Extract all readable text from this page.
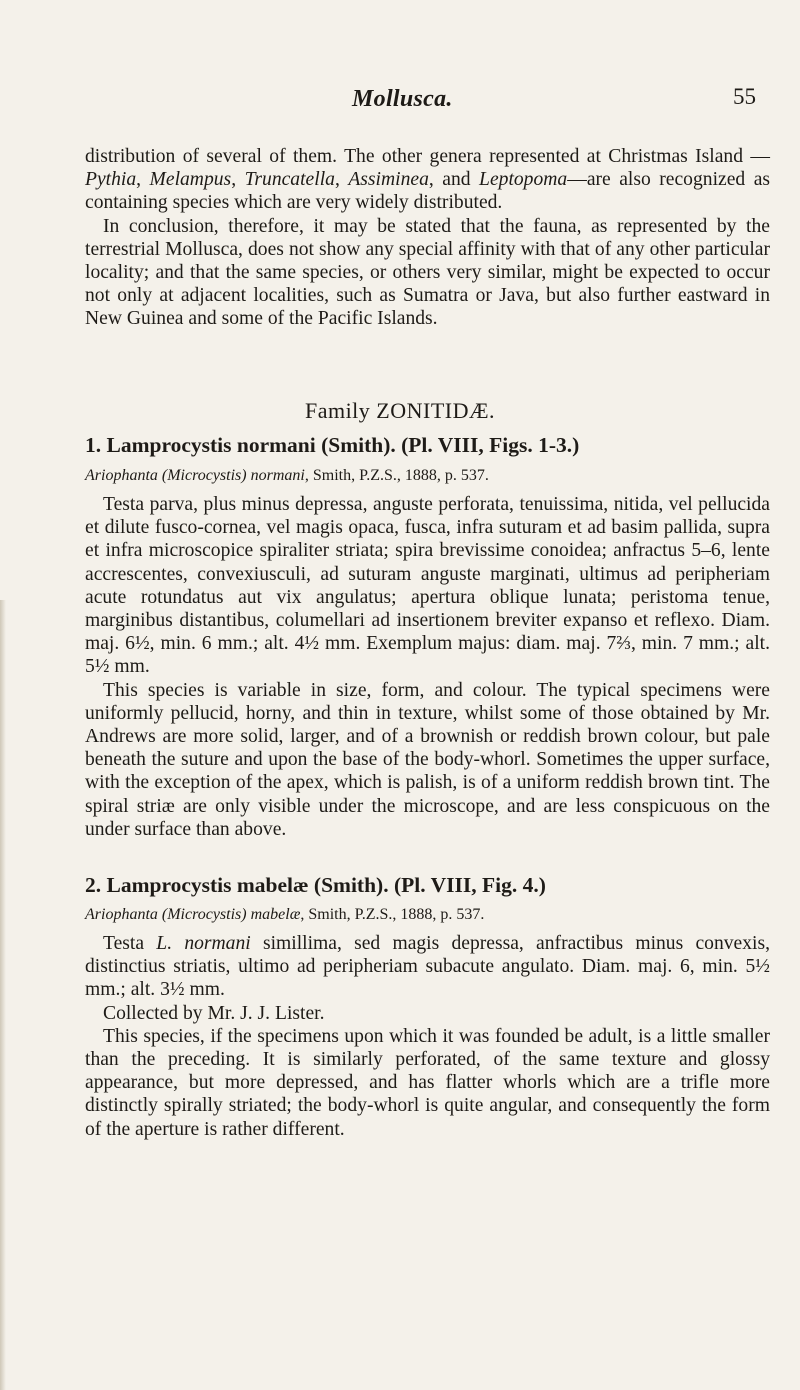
Mollusca.	55

distribution of several of them. The other genera represented at Christmas Island — Pythia, Melampus, Truncatella, Assiminea, and Leptopoma—are also recognized as containing species which are very widely distributed.

In conclusion, therefore, it may be stated that the fauna, as represented by the terrestrial Mollusca, does not show any special affinity with that of any other particular locality; and that the same species, or others very similar, might be expected to occur not only at adjacent localities, such as Sumatra or Java, but also further eastward in New Guinea and some of the Pacific Islands.

Family ZONITIDÆ.
1. Lamprocystis normani (Smith). (Pl. VIII, Figs. 1-3.)
Ariophanta (Microcystis) normani, Smith, P.Z.S., 1888, p. 537.

Testa parva, plus minus depressa, anguste perforata, tenuissima, nitida, vel pellucida et dilute fusco-cornea, vel magis opaca, fusca, infra suturam et ad basim pallida, supra et infra microscopice spiraliter striata; spira brevissime conoidea; anfractus 5–6, lente accrescentes, convexiusculi, ad suturam anguste marginati, ultimus ad peripheriam acute rotundatus aut vix angulatus; apertura oblique lunata; peristoma tenue, marginibus distantibus, columellari ad insertionem breviter expanso et reflexo. Diam. maj. 6½, min. 6 mm.; alt. 4½ mm. Exemplum majus: diam. maj. 7⅔, min. 7 mm.; alt. 5½ mm.

This species is variable in size, form, and colour. The typical specimens were uniformly pellucid, horny, and thin in texture, whilst some of those obtained by Mr. Andrews are more solid, larger, and of a brownish or reddish brown colour, but pale beneath the suture and upon the base of the body-whorl. Sometimes the upper surface, with the exception of the apex, which is palish, is of a uniform reddish brown tint. The spiral striæ are only visible under the microscope, and are less conspicuous on the under surface than above.

2. Lamprocystis mabelæ (Smith). (Pl. VIII, Fig. 4.)
Ariophanta (Microcystis) mabelæ, Smith, P.Z.S., 1888, p. 537.

Testa L. normani simillima, sed magis depressa, anfractibus minus convexis, distinctius striatis, ultimo ad peripheriam subacute angulato. Diam. maj. 6, min. 5½ mm.; alt. 3½ mm.

Collected by Mr. J. J. Lister.

This species, if the specimens upon which it was founded be adult, is a little smaller than the preceding. It is similarly perforated, of the same texture and glossy appearance, but more depressed, and has flatter whorls which are a trifle more distinctly spirally striated; the body-whorl is quite angular, and consequently the form of the aperture is rather different.
